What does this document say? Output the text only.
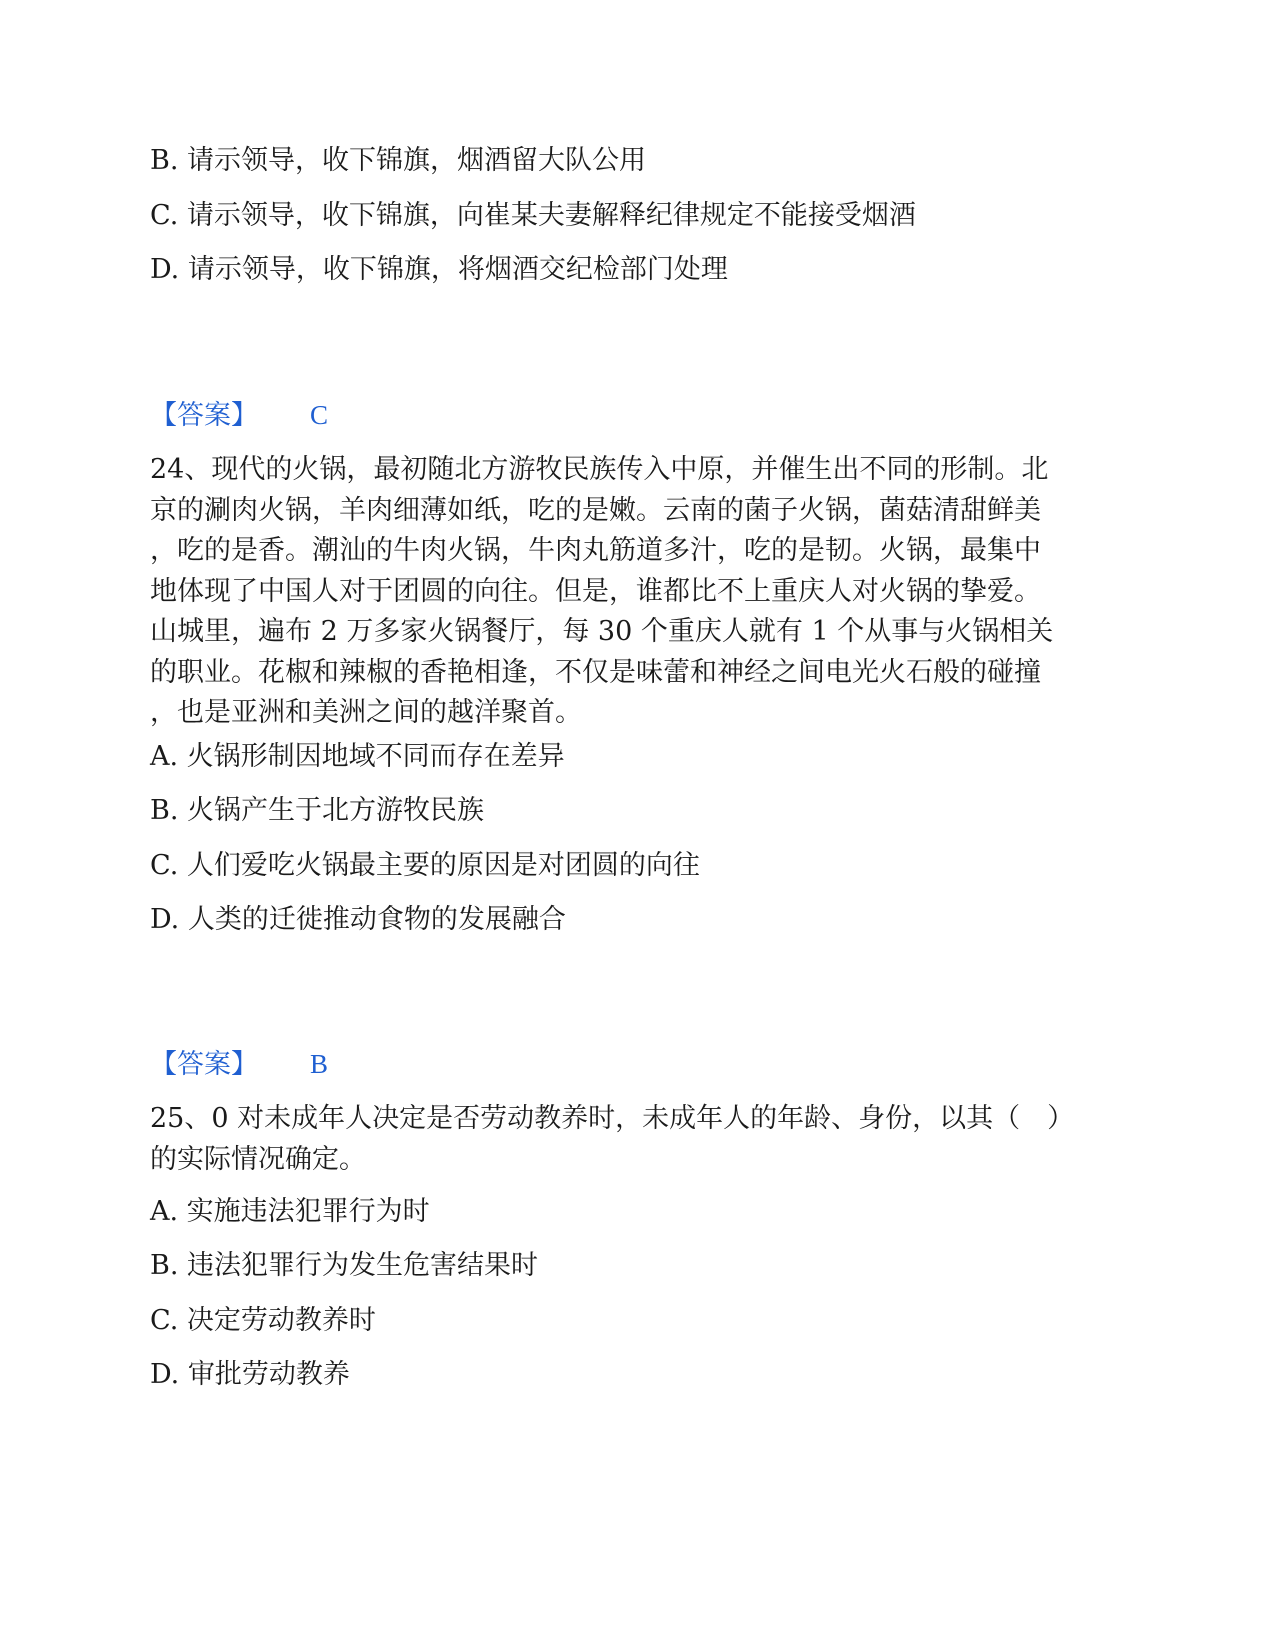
B. 请示领导，收下锦旗，烟酒留大队公用
C. 请示领导，收下锦旗，向崔某夫妻解释纪律规定不能接受烟酒
D. 请示领导，收下锦旗，将烟酒交纪检部门处理
【答案】 C
24、现代的火锅，最初随北方游牧民族传入中原，并催生出不同的形制。北
京的涮肉火锅，羊肉细薄如纸，吃的是嫩。云南的菌子火锅，菌菇清甜鲜美
，吃的是香。潮汕的牛肉火锅，牛肉丸筋道多汁，吃的是韧。火锅，最集中
地体现了中国人对于团圆的向往。但是，谁都比不上重庆人对火锅的挚爱。
山城里，遍布 2 万多家火锅餐厅，每 30 个重庆人就有 1 个从事与火锅相关
的职业。花椒和辣椒的香艳相逢，不仅是味蕾和神经之间电光火石般的碰撞
，也是亚洲和美洲之间的越洋聚首。
A. 火锅形制因地域不同而存在差异
B. 火锅产生于北方游牧民族
C. 人们爱吃火锅最主要的原因是对团圆的向往
D. 人类的迁徙推动食物的发展融合
【答案】 B
25、0 对未成年人决定是否劳动教养时，未成年人的年龄、身份，以其（　）
的实际情况确定。
A. 实施违法犯罪行为时
B. 违法犯罪行为发生危害结果时
C. 决定劳动教养时
D. 审批劳动教养
